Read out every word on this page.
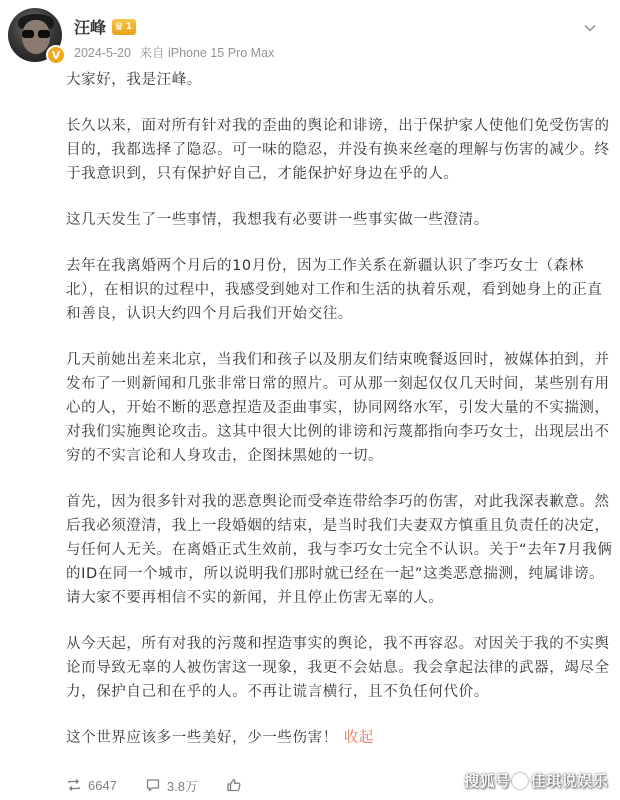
V
汪峰 ♛ 1
2024-5-20 来自 iPhone 15 Pro Max

大家好，我是汪峰。

长久以来，面对所有针对我的歪曲的舆论和诽谤，出于保护家人使他们免受伤害的目的，我都选择了隐忍。可一味的隐忍，并没有换来丝毫的理解与伤害的减少。终于我意识到，只有保护好自己，才能保护好身边在乎的人。

这几天发生了一些事情，我想我有必要讲一些事实做一些澄清。

去年在我离婚两个月后的10月份，因为工作关系在新疆认识了李巧女士（森林北），在相识的过程中，我感受到她对工作和生活的执着乐观，看到她身上的正直和善良，认识大约四个月后我们开始交往。

几天前她出差来北京，当我们和孩子以及朋友们结束晚餐返回时，被媒体拍到，并发布了一则新闻和几张非常日常的照片。可从那一刻起仅仅几天时间，某些别有用心的人，开始不断的恶意捏造及歪曲事实，协同网络水军，引发大量的不实揣测，对我们实施舆论攻击。这其中很大比例的诽谤和污蔑都指向李巧女士，出现层出不穷的不实言论和人身攻击，企图抹黑她的一切。

首先，因为很多针对我的恶意舆论而受牵连带给李巧的伤害，对此我深表歉意。然后我必须澄清，我上一段婚姻的结束，是当时我们夫妻双方慎重且负责任的决定，与任何人无关。在离婚正式生效前，我与李巧女士完全不认识。关于“去年7月我俩的ID在同一个城市，所以说明我们那时就已经在一起”这类恶意揣测，纯属诽谤。请大家不要再相信不实的新闻，并且停止伤害无辜的人。

从今天起，所有对我的污蔑和捏造事实的舆论，我不再容忍。对因关于我的不实舆论而导致无辜的人被伤害这一现象，我更不会姑息。我会拿起法律的武器，竭尽全力，保护自己和在乎的人。不再让谎言横行，且不负任何代价。

这个世界应该多一些美好，少一些伤害！ 收起

6647	3.8万	搜狐号 佳琪说娱乐
